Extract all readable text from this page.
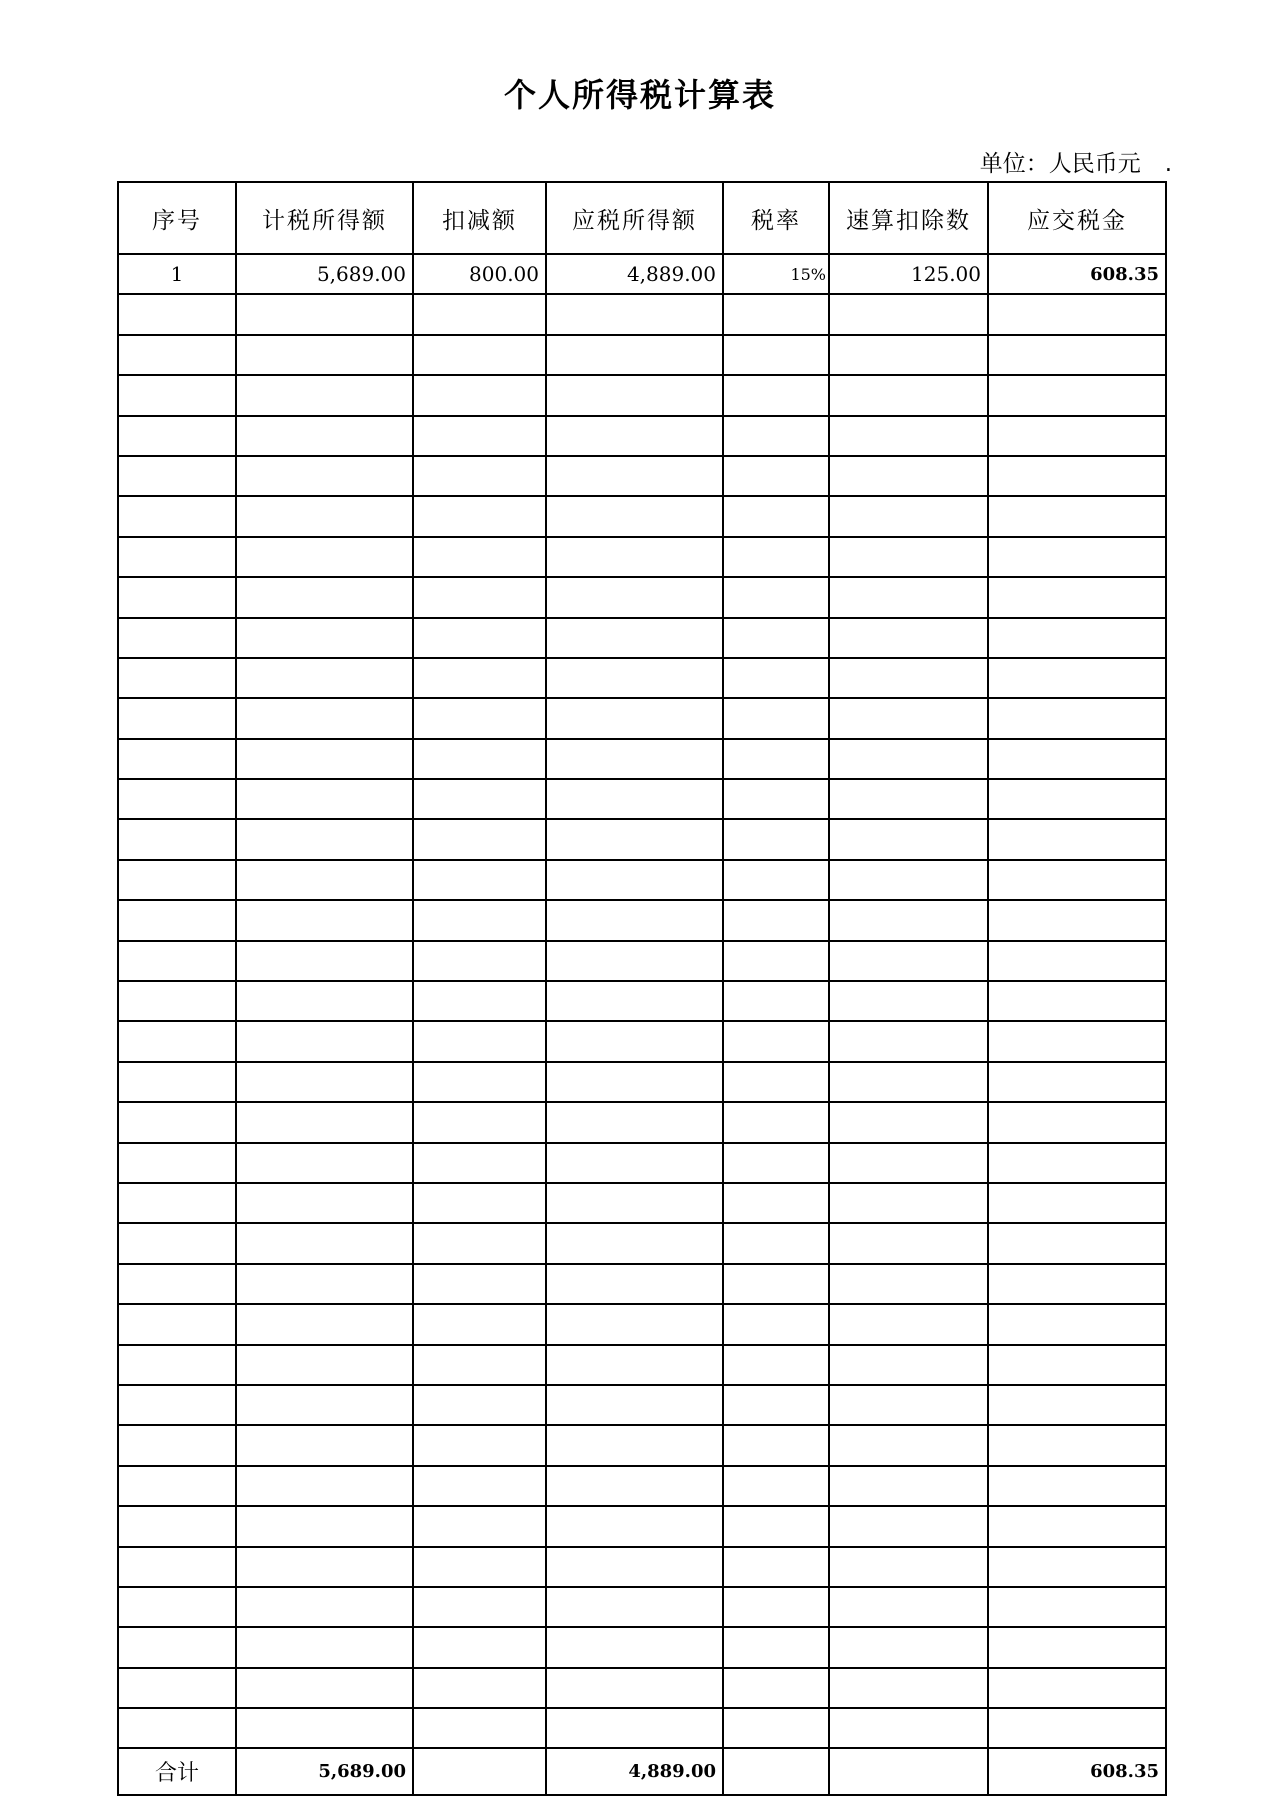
个人所得税计算表
单位：人民币元 .
序号	计税所得额	扣减额	应税所得额	税率	速算扣除数	应交税金
1	5,689.00	800.00	4,889.00	15%	125.00	608.35

合计	5,689.00		4,889.00			608.35
